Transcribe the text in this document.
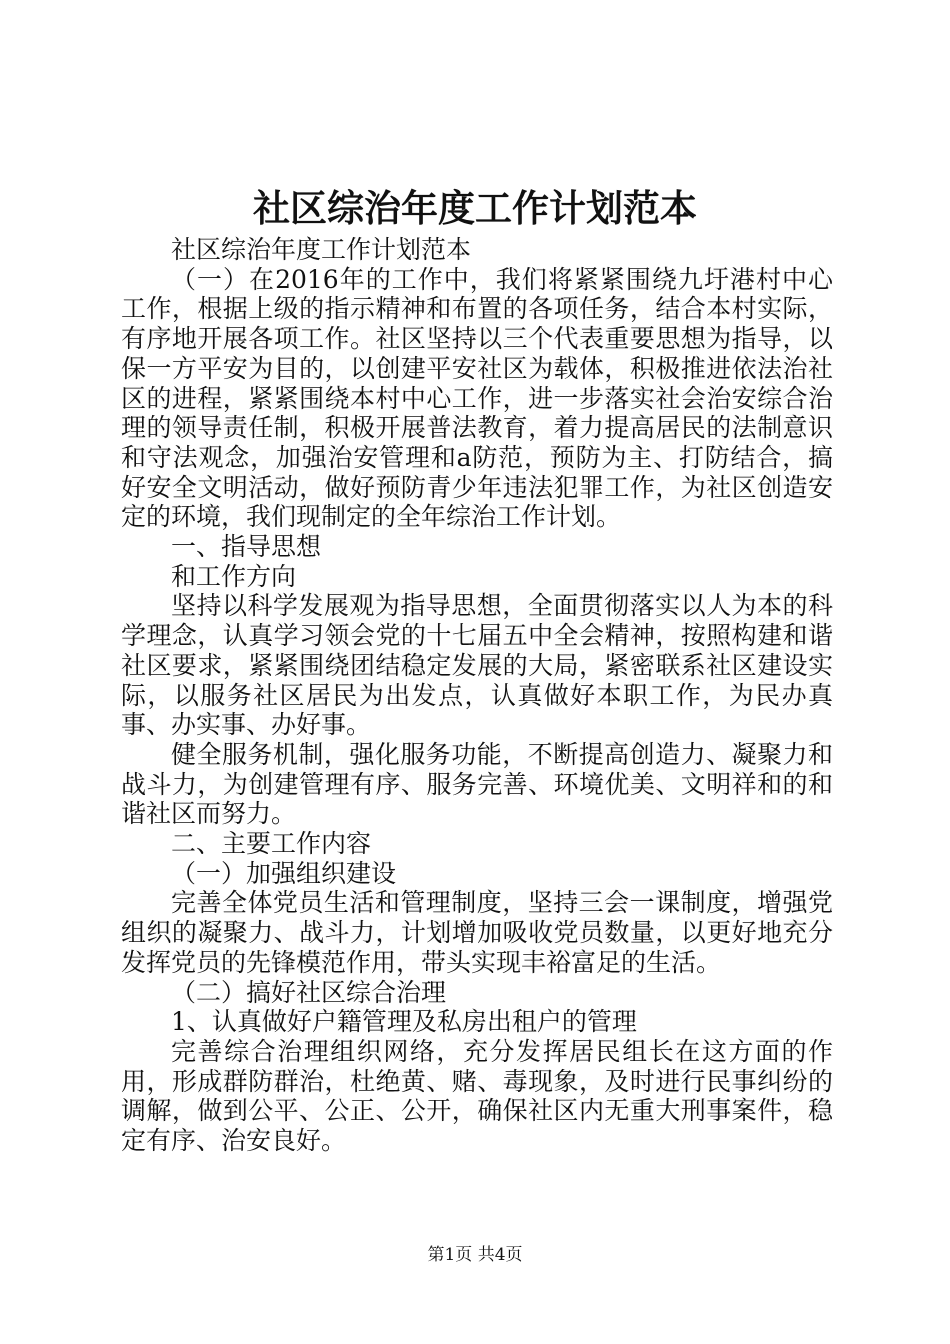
社区综治年度工作计划范本

社区综治年度工作计划范本

（一）在2016年的工作中，我们将紧紧围绕九圩港村中心工作，根据上级的指示精神和布置的各项任务，结合本村实际，有序地开展各项工作。社区坚持以三个代表重要思想为指导，以保一方平安为目的，以创建平安社区为载体，积极推进依法治社区的进程，紧紧围绕本村中心工作，进一步落实社会治安综合治理的领导责任制，积极开展普法教育，着力提高居民的法制意识和守法观念，加强治安管理和a防范，预防为主、打防结合，搞好安全文明活动，做好预防青少年违法犯罪工作，为社区创造安定的环境，我们现制定的全年综治工作计划。

一、指导思想

和工作方向

坚持以科学发展观为指导思想，全面贯彻落实以人为本的科学理念，认真学习领会党的十七届五中全会精神，按照构建和谐社区要求，紧紧围绕团结稳定发展的大局，紧密联系社区建设实际，以服务社区居民为出发点，认真做好本职工作，为民办真事、办实事、办好事。

健全服务机制，强化服务功能，不断提高创造力、凝聚力和战斗力，为创建管理有序、服务完善、环境优美、文明祥和的和谐社区而努力。

二、主要工作内容

（一）加强组织建设

完善全体党员生活和管理制度，坚持三会一课制度，增强党组织的凝聚力、战斗力，计划增加吸收党员数量，以更好地充分发挥党员的先锋模范作用，带头实现丰裕富足的生活。

（二）搞好社区综合治理

1、认真做好户籍管理及私房出租户的管理

完善综合治理组织网络，充分发挥居民组长在这方面的作用，形成群防群治，杜绝黄、赌、毒现象，及时进行民事纠纷的调解，做到公平、公正、公开，确保社区内无重大刑事案件，稳定有序、治安良好。

第1页 共4页
